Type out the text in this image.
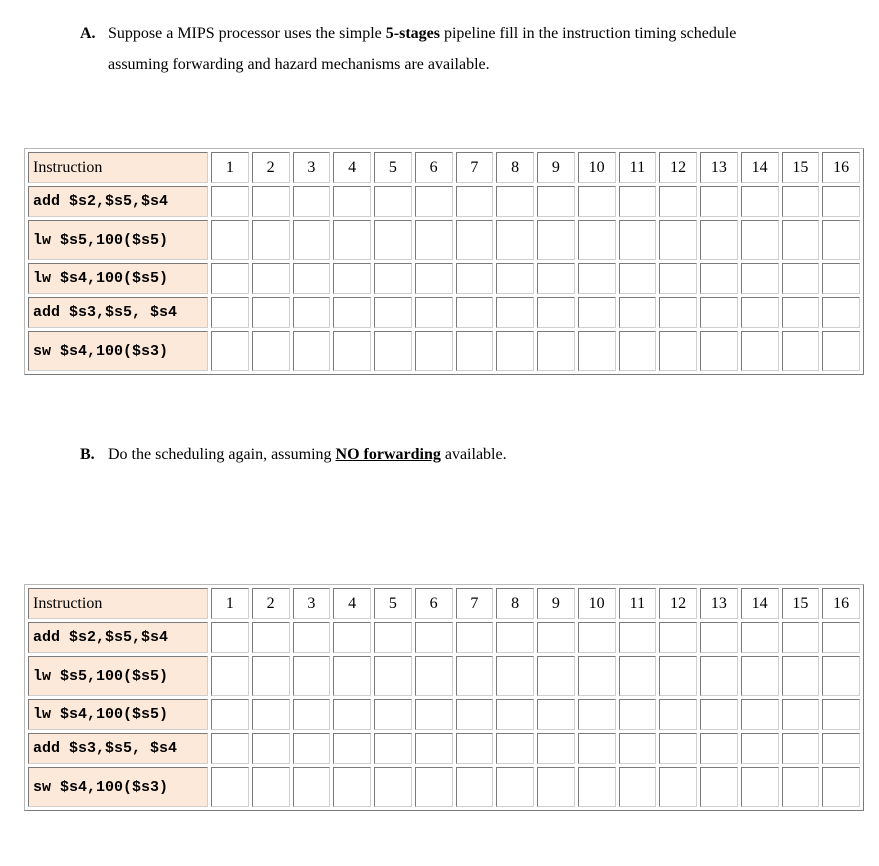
A. Suppose a MIPS processor uses the simple 5-stages pipeline fill in the instruction timing schedule
assuming forwarding and hazard mechanisms are available.
Instruction	1	2	3	4	5	6	7	8	9	10	11	12	13	14	15	16
add $s2,$s5,$s4																
lw $s5,100($s5)																
lw $s4,100($s5)																
add $s3,$s5, $s4																
sw $s4,100($s3)																
B. Do the scheduling again, assuming NO forwarding available.
Instruction	1	2	3	4	5	6	7	8	9	10	11	12	13	14	15	16
add $s2,$s5,$s4																
lw $s5,100($s5)																
lw $s4,100($s5)																
add $s3,$s5, $s4																
sw $s4,100($s3)																
